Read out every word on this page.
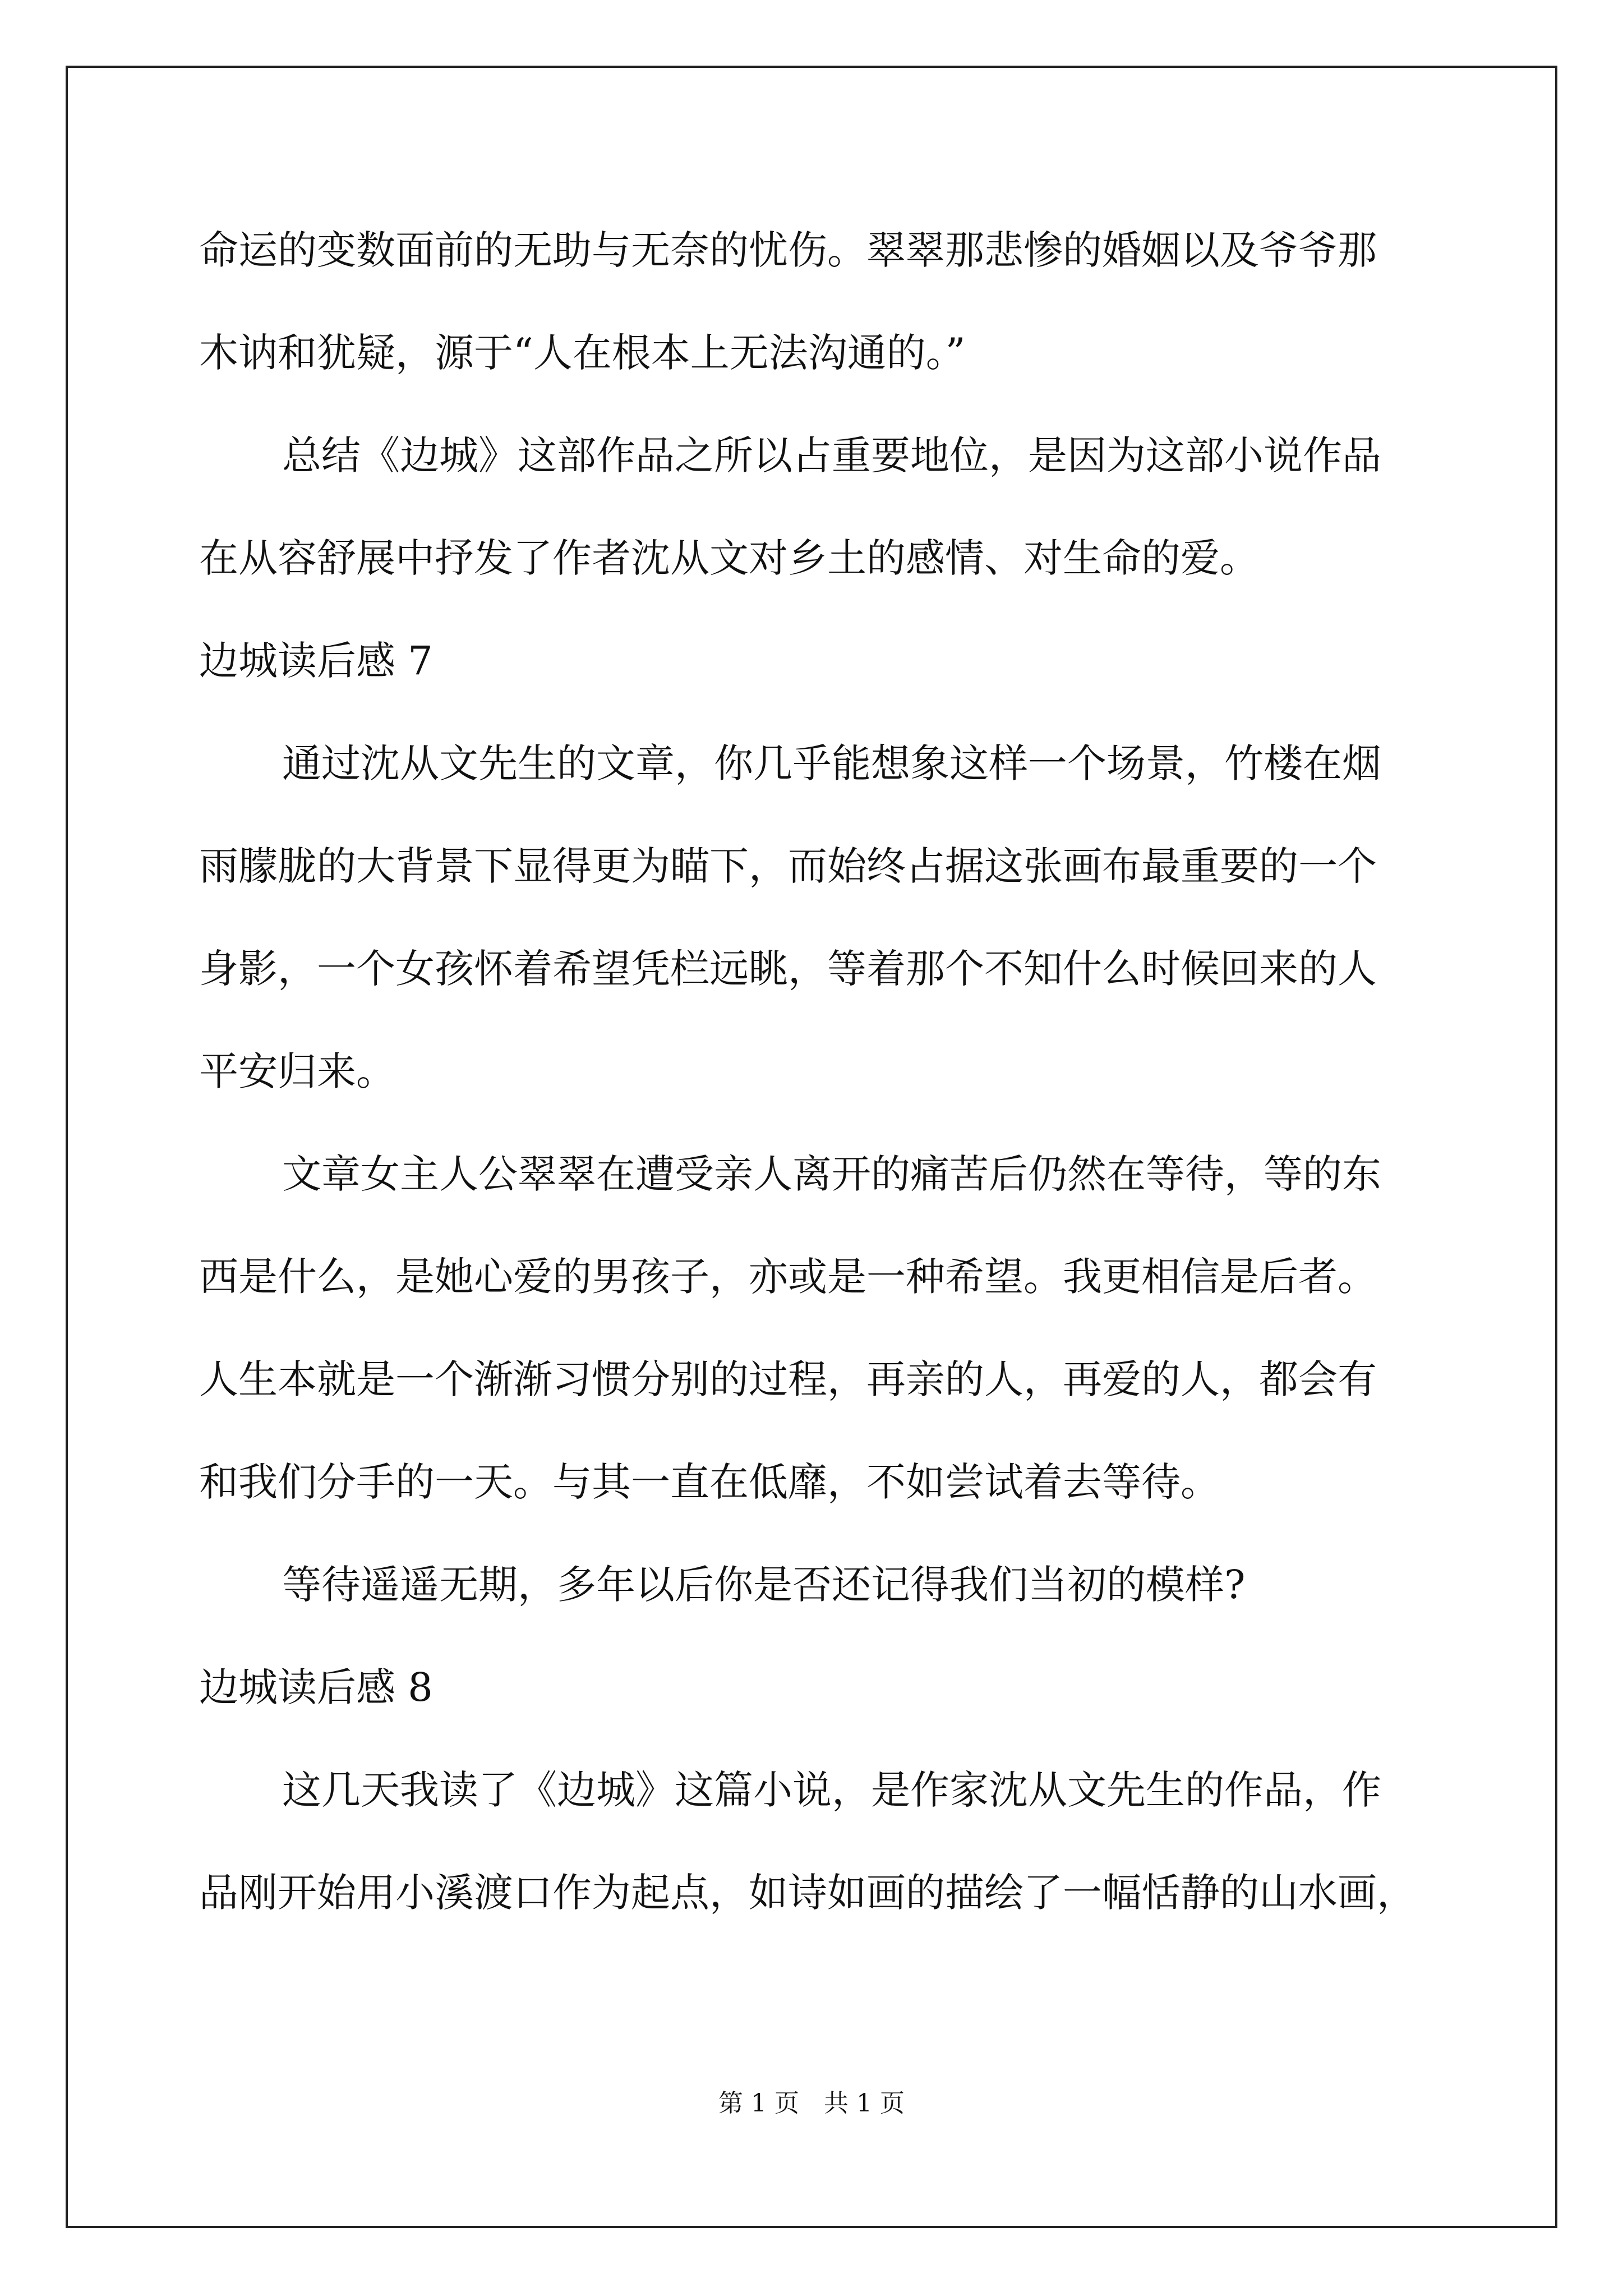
命运的变数面前的无助与无奈的忧伤。翠翠那悲惨的婚姻以及爷爷那
木讷和犹疑，源于“人在根本上无法沟通的。”
总结《边城》这部作品之所以占重要地位，是因为这部小说作品
在从容舒展中抒发了作者沈从文对乡土的感情、对生命的爱。
边城读后感 7
通过沈从文先生的文章，你几乎能想象这样一个场景，竹楼在烟
雨朦胧的大背景下显得更为瞄下，而始终占据这张画布最重要的一个
身影，一个女孩怀着希望凭栏远眺，等着那个不知什么时候回来的人
平安归来。
文章女主人公翠翠在遭受亲人离开的痛苦后仍然在等待，等的东
西是什么，是她心爱的男孩子，亦或是一种希望。我更相信是后者。
人生本就是一个渐渐习惯分别的过程，再亲的人，再爱的人，都会有
和我们分手的一天。与其一直在低靡，不如尝试着去等待。
等待遥遥无期，多年以后你是否还记得我们当初的模样?
边城读后感 8
这几天我读了《边城》这篇小说，是作家沈从文先生的作品，作
品刚开始用小溪渡口作为起点，如诗如画的描绘了一幅恬静的山水画，
第 1 页　共 1 页
